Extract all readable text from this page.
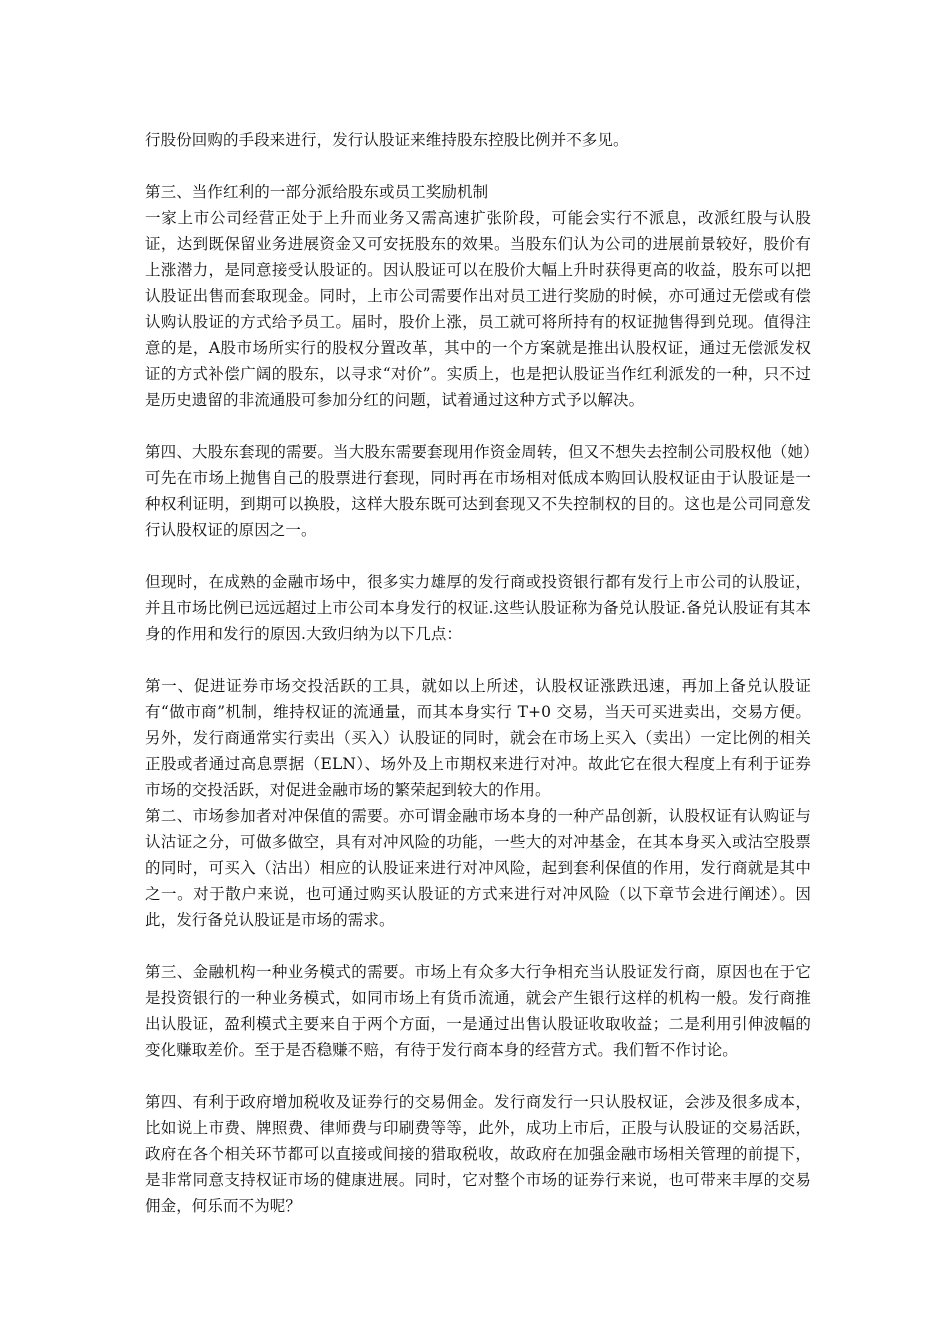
行股份回购的手段来进行，发行认股证来维持股东控股比例并不多见。

第三、当作红利的一部分派给股东或员工奖励机制

一家上市公司经营正处于上升而业务又需高速扩张阶段，可能会实行不派息，改派红股与认股证，达到既保留业务进展资金又可安抚股东的效果。当股东们认为公司的进展前景较好，股价有上涨潜力，是同意接受认股证的。因认股证可以在股价大幅上升时获得更高的收益，股东可以把认股证出售而套取现金。同时，上市公司需要作出对员工进行奖励的时候，亦可通过无偿或有偿认购认股证的方式给予员工。届时，股价上涨，员工就可将所持有的权证抛售得到兑现。值得注意的是，A股市场所实行的股权分置改革，其中的一个方案就是推出认股权证，通过无偿派发权证的方式补偿广阔的股东，以寻求“对价”。实质上，也是把认股证当作红利派发的一种，只不过是历史遗留的非流通股可参加分红的问题，试着通过这种方式予以解决。

第四、大股东套现的需要。当大股东需要套现用作资金周转，但又不想失去控制公司股权他（她）可先在市场上抛售自己的股票进行套现，同时再在市场相对低成本购回认股权证由于认股证是一种权利证明，到期可以换股，这样大股东既可达到套现又不失控制权的目的。这也是公司同意发行认股权证的原因之一。

但现时，在成熟的金融市场中，很多实力雄厚的发行商或投资银行都有发行上市公司的认股证，并且市场比例已远远超过上市公司本身发行的权证.这些认股证称为备兑认股证.备兑认股证有其本身的作用和发行的原因.大致归纳为以下几点：

第一、促进证券市场交投活跃的工具，就如以上所述，认股权证涨跌迅速，再加上备兑认股证有“做市商”机制，维持权证的流通量，而其本身实行 T+0 交易，当天可买进卖出，交易方便。另外，发行商通常实行卖出（买入）认股证的同时，就会在市场上买入（卖出）一定比例的相关正股或者通过高息票据（ELN）、场外及上市期权来进行对冲。故此它在很大程度上有利于证券市场的交投活跃，对促进金融市场的繁荣起到较大的作用。

第二、市场参加者对冲保值的需要。亦可谓金融市场本身的一种产品创新，认股权证有认购证与认沽证之分，可做多做空，具有对冲风险的功能，一些大的对冲基金，在其本身买入或沽空股票的同时，可买入（沽出）相应的认股证来进行对冲风险，起到套利保值的作用，发行商就是其中之一。对于散户来说，也可通过购买认股证的方式来进行对冲风险（以下章节会进行阐述）。因此，发行备兑认股证是市场的需求。

第三、金融机构一种业务模式的需要。市场上有众多大行争相充当认股证发行商，原因也在于它是投资银行的一种业务模式，如同市场上有货币流通，就会产生银行这样的机构一般。发行商推出认股证，盈利模式主要来自于两个方面，一是通过出售认股证收取收益；二是利用引伸波幅的变化赚取差价。至于是否稳赚不赔，有待于发行商本身的经营方式。我们暂不作讨论。

第四、有利于政府增加税收及证券行的交易佣金。发行商发行一只认股权证，会涉及很多成本，比如说上市费、牌照费、律师费与印刷费等等，此外，成功上市后，正股与认股证的交易活跃，政府在各个相关环节都可以直接或间接的猎取税收，故政府在加强金融市场相关管理的前提下，是非常同意支持权证市场的健康进展。同时，它对整个市场的证券行来说，也可带来丰厚的交易佣金，何乐而不为呢？
